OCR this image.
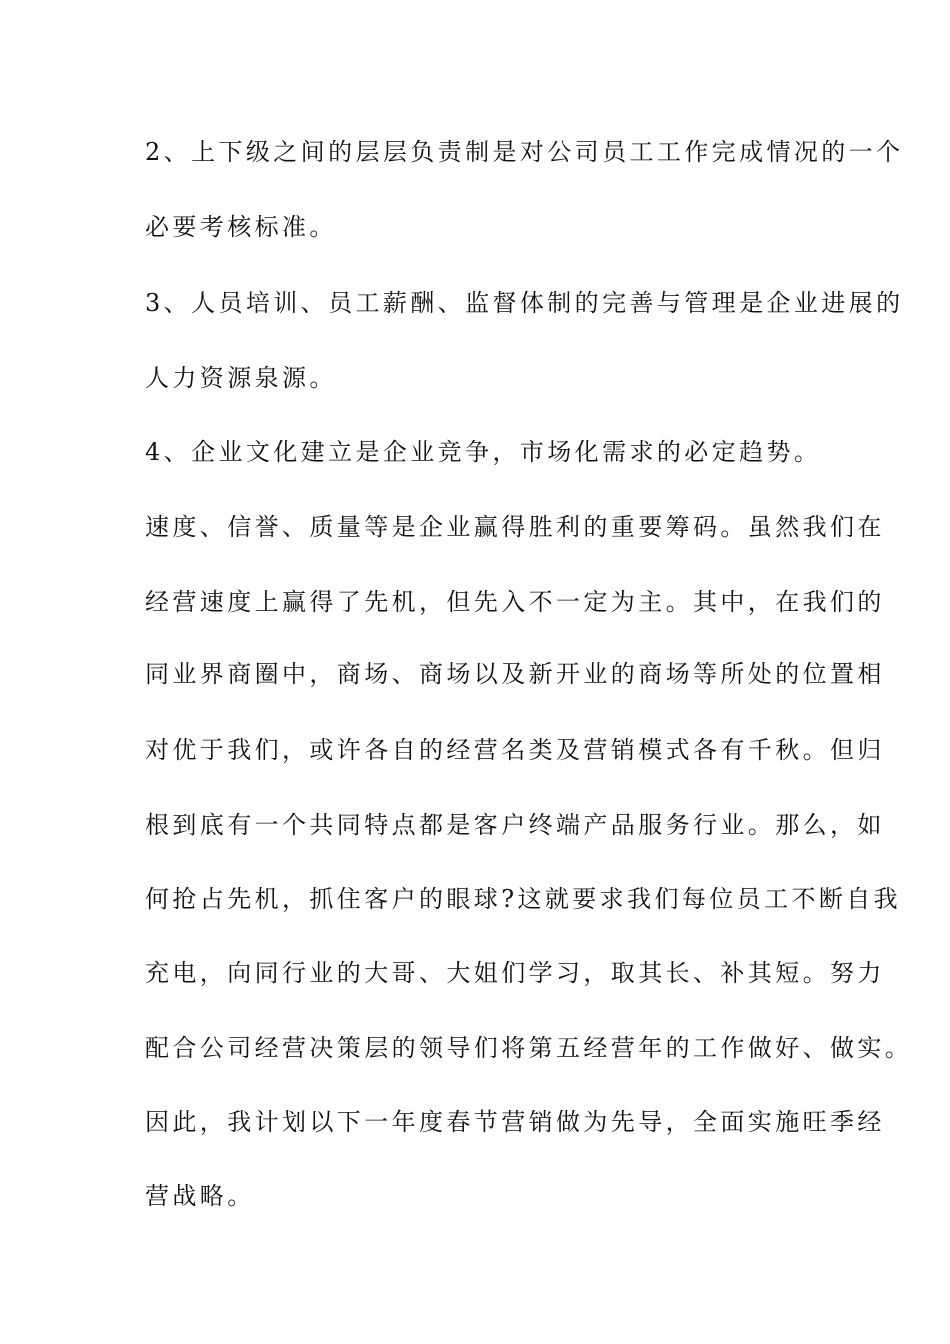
2、上下级之间的层层负责制是对公司员工工作完成情况的一个
必要考核标准。
3、人员培训、员工薪酬、监督体制的完善与管理是企业进展的
人力资源泉源。
4、企业文化建立是企业竞争，市场化需求的必定趋势。
速度、信誉、质量等是企业赢得胜利的重要筹码。虽然我们在
经营速度上赢得了先机，但先入不一定为主。其中，在我们的
同业界商圈中，商场、商场以及新开业的商场等所处的位置相
对优于我们，或许各自的经营名类及营销模式各有千秋。但归
根到底有一个共同特点都是客户终端产品服务行业。那么，如
何抢占先机，抓住客户的眼球?这就要求我们每位员工不断自我
充电，向同行业的大哥、大姐们学习，取其长、补其短。努力
配合公司经营决策层的领导们将第五经营年的工作做好、做实。
因此，我计划以下一年度春节营销做为先导，全面实施旺季经
营战略。
